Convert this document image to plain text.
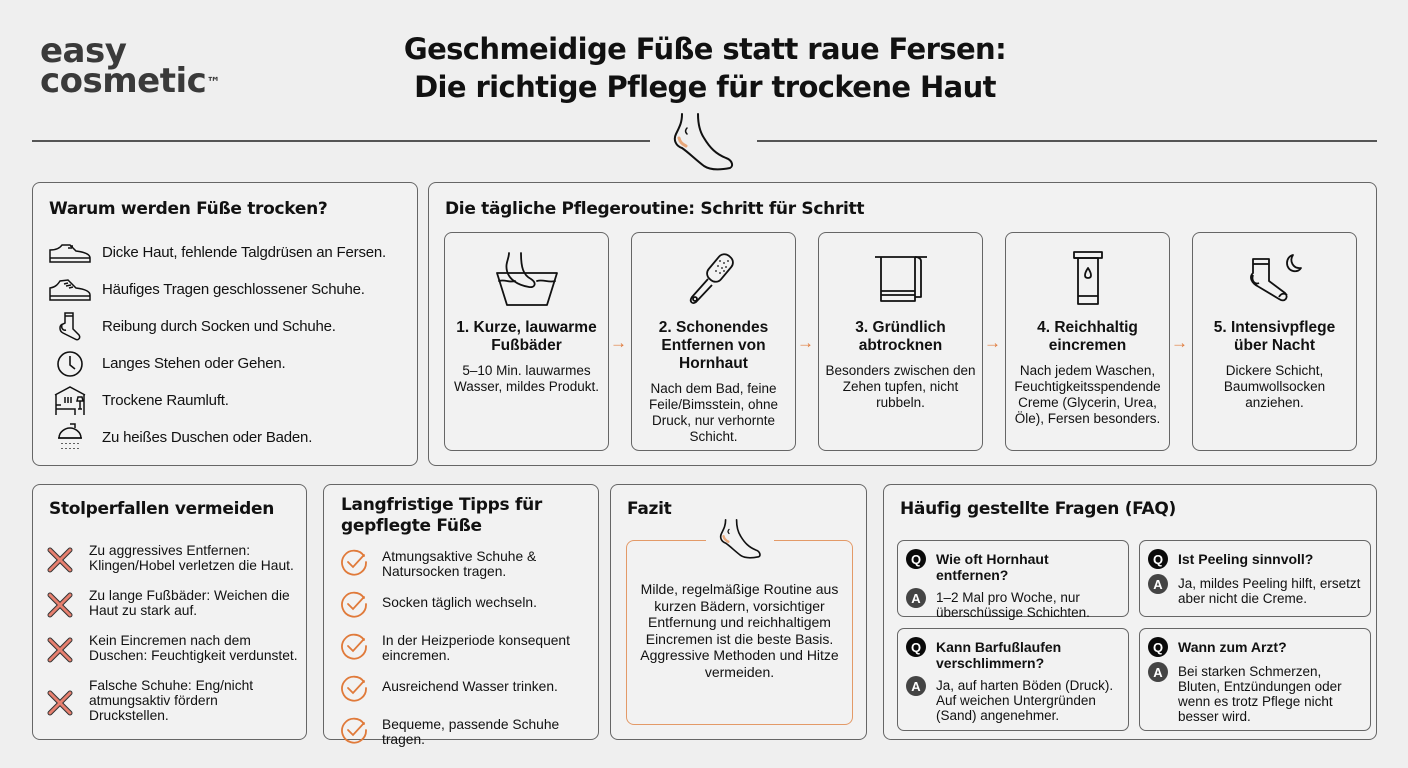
easy
cosmetic™
Geschmeidige Füße statt raue Fersen:
Die richtige Pflege für trockene Haut
Warum werden Füße trocken?
Dicke Haut, fehlende Talgdrüsen an Fersen.
Häufiges Tragen geschlossener Schuhe.
Reibung durch Socken und Schuhe.
Langes Stehen oder Gehen.
Trockene Raumluft.
Zu heißes Duschen oder Baden.
Die tägliche Pflegeroutine: Schritt für Schritt
1. Kurze, lauwarme Fußbäder
5–10 Min. lauwarmes Wasser, mildes Produkt.
→
2. Schonendes Entfernen von Hornhaut
Nach dem Bad, feine Feile/Bimsstein, ohne Druck, nur verhornte Schicht.
→
3. Gründlich abtrocknen
Besonders zwischen den Zehen tupfen, nicht rubbeln.
→
4. Reichhaltig eincremen
Nach jedem Waschen, Feuchtigkeitsspendende Creme (Glycerin, Urea, Öle), Fersen besonders.
→
5. Intensivpflege über Nacht
Dickere Schicht, Baumwollsocken anziehen.
Stolperfallen vermeiden
Zu aggressives Entfernen: Klingen/Hobel verletzen die Haut.
Zu lange Fußbäder: Weichen die Haut zu stark auf.
Kein Eincremen nach dem Duschen: Feuchtigkeit verdunstet.
Falsche Schuhe: Eng/nicht atmungsaktiv fördern Druckstellen.
Langfristige Tipps für gepflegte Füße
Atmungsaktive Schuhe & Natursocken tragen.
Socken täglich wechseln.
In der Heizperiode konsequent eincremen.
Ausreichend Wasser trinken.
Bequeme, passende Schuhe tragen.
Fazit
Milde, regelmäßige Routine aus kurzen Bädern, vorsichtiger Entfernung und reichhaltigem Eincremen ist die beste Basis. Aggressive Methoden und Hitze vermeiden.
Häufig gestellte Fragen (FAQ)
Q	Wie oft Hornhaut entfernen?
A	1–2 Mal pro Woche, nur überschüssige Schichten.
Q	Ist Peeling sinnvoll?
A	Ja, mildes Peeling hilft, ersetzt aber nicht die Creme.
Q	Kann Barfußlaufen verschlimmern?
A	Ja, auf harten Böden (Druck). Auf weichen Untergründen (Sand) angenehmer.
Q	Wann zum Arzt?
A	Bei starken Schmerzen, Bluten, Entzündungen oder wenn es trotz Pflege nicht besser wird.
